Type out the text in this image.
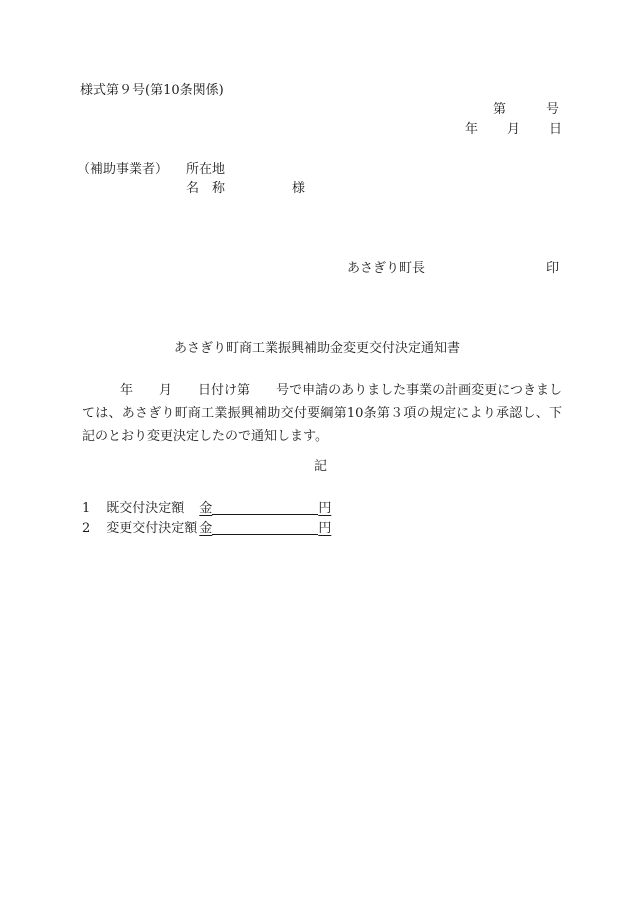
様式第９号(第10条関係)
第	号
年 月 日
（補助事業者） 所在地
名　称	様
あさぎり町長	印
あさぎり町商工業振興補助金変更交付決定通知書
年 月 日付け第 号で申請のありました事業の計画変更につきましては、あさぎり町商工業振興補助交付要綱第10条第３項の規定により承認し、下記のとおり変更決定したので通知します。
記
1 既交付決定額 金	円
2 変更交付決定額 金	円
